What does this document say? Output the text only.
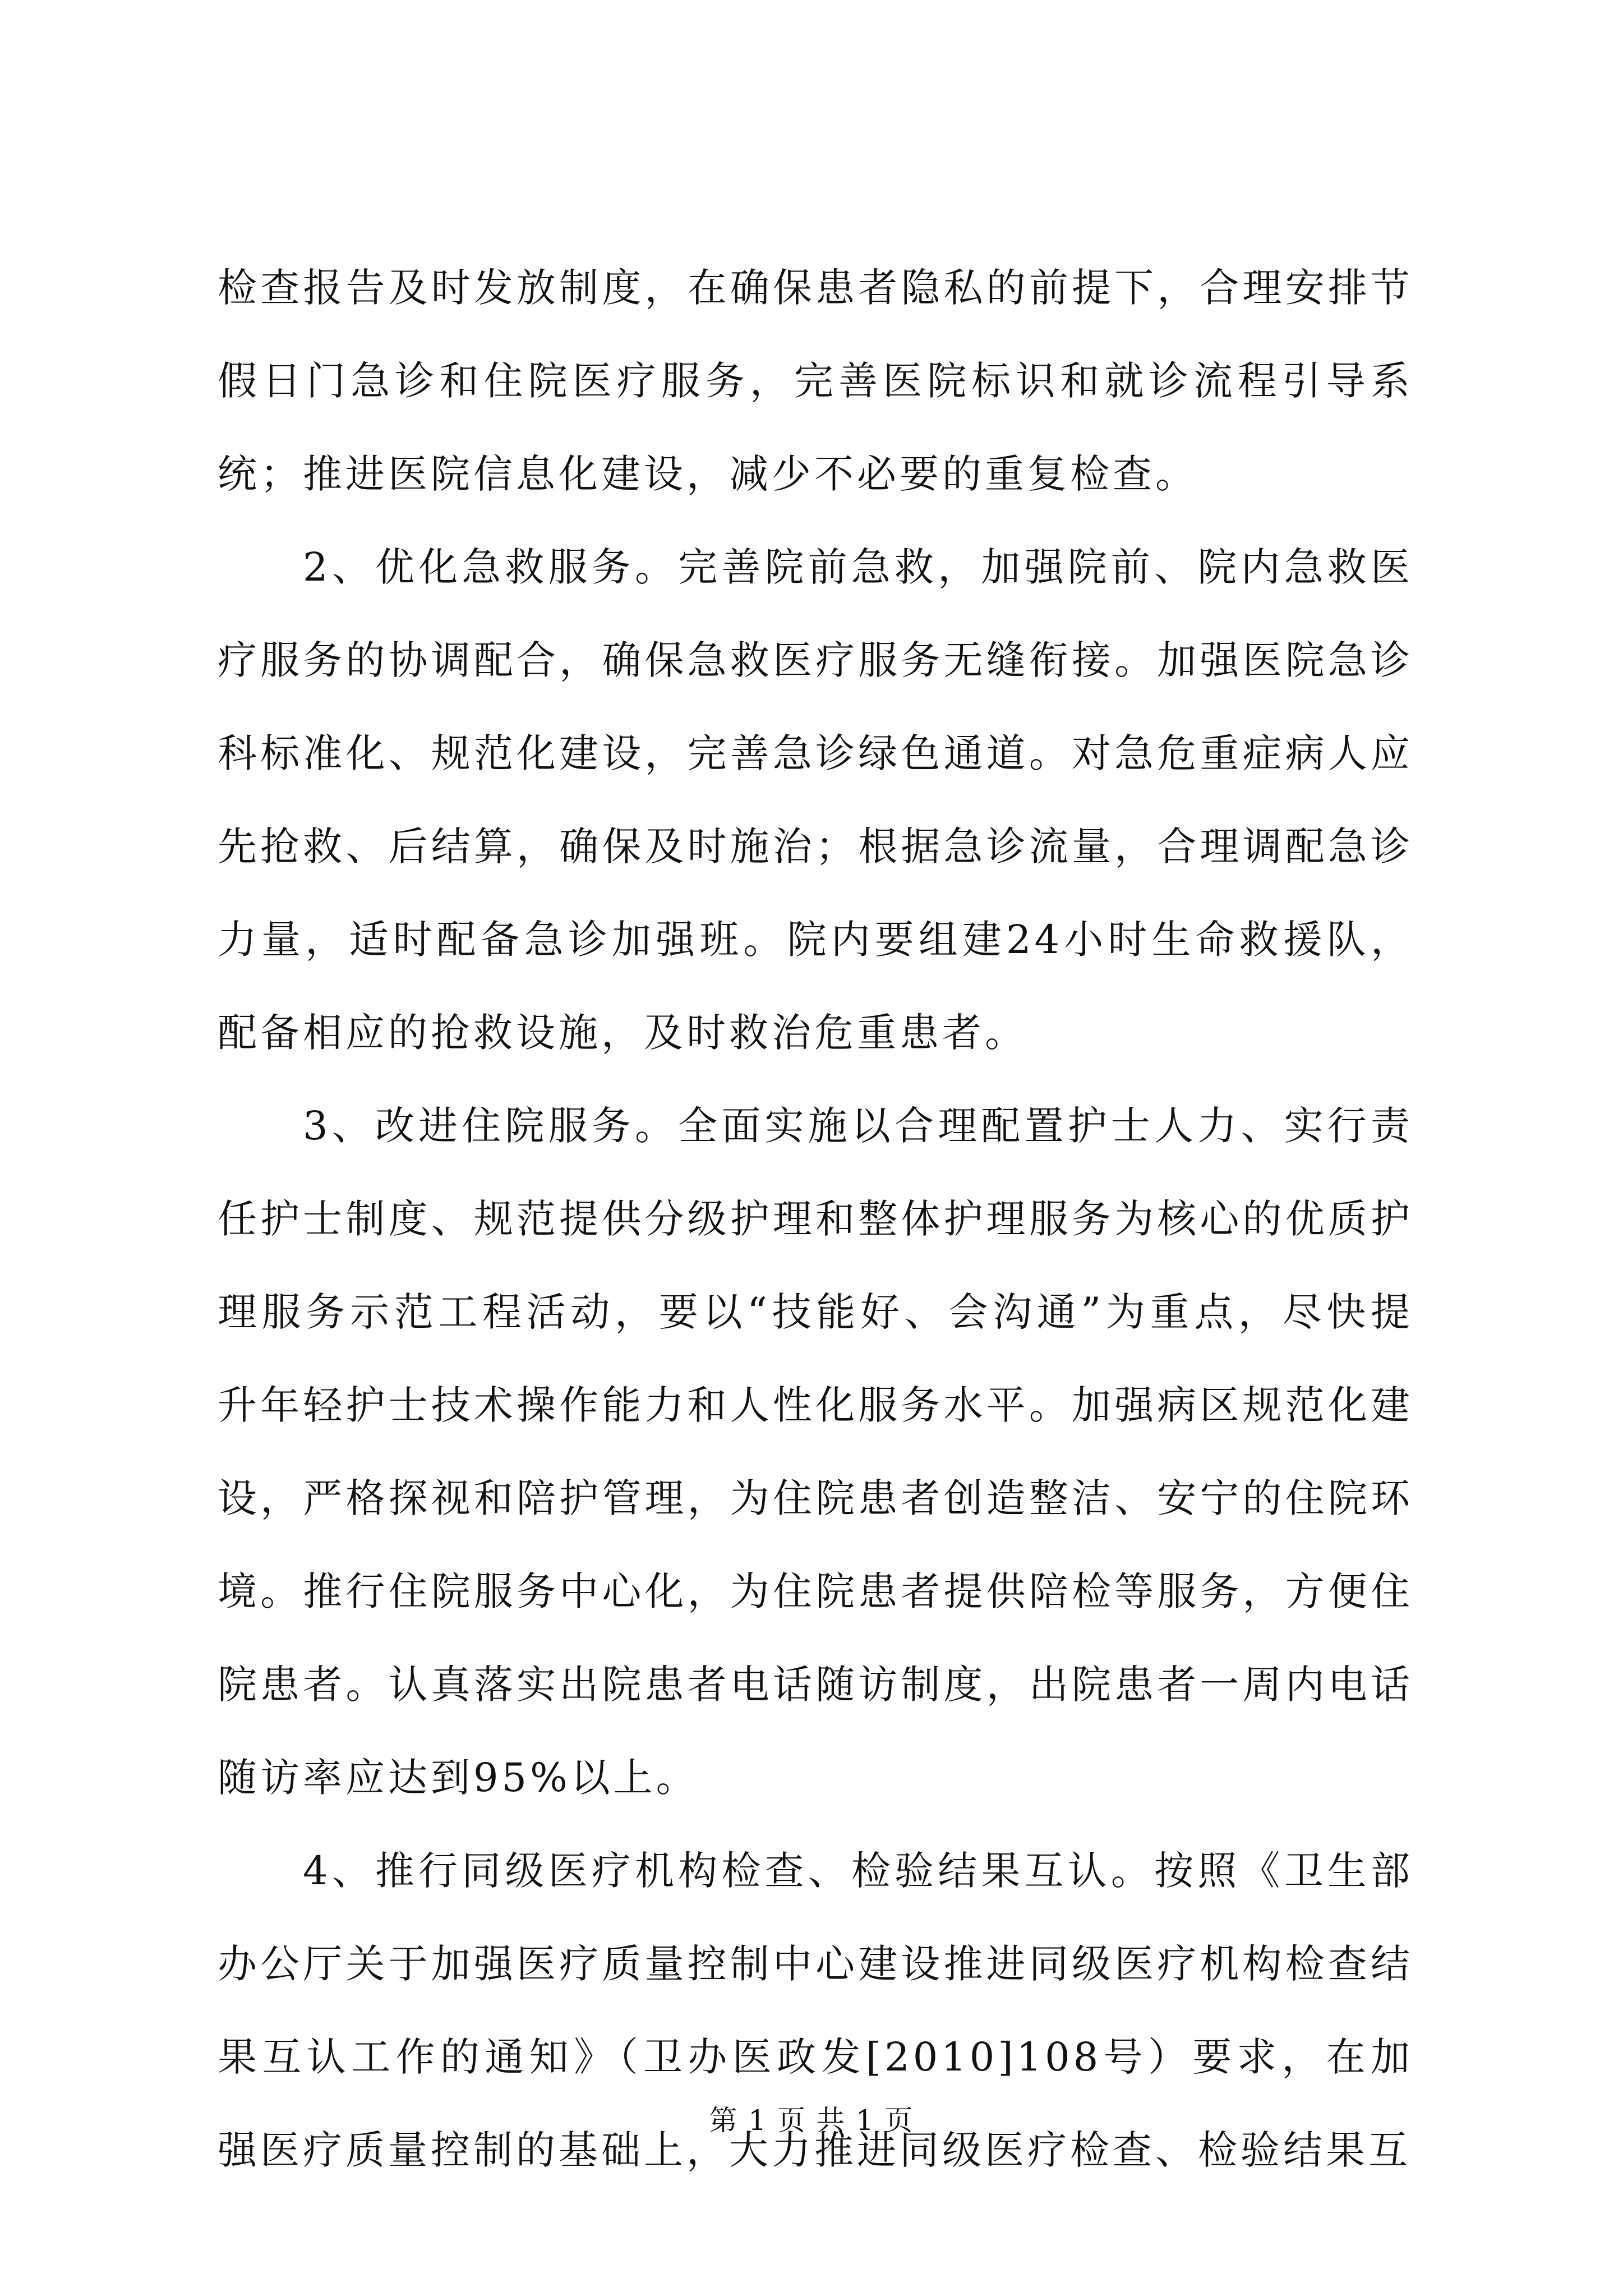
检查报告及时发放制度，在确保患者隐私的前提下，合理安排节假日门急诊和住院医疗服务，完善医院标识和就诊流程引导系统；推进医院信息化建设，减少不必要的重复检查。

2、优化急救服务。完善院前急救，加强院前、院内急救医疗服务的协调配合，确保急救医疗服务无缝衔接。加强医院急诊科标准化、规范化建设，完善急诊绿色通道。对急危重症病人应先抢救、后结算，确保及时施治；根据急诊流量，合理调配急诊力量，适时配备急诊加强班。院内要组建24小时生命救援队，配备相应的抢救设施，及时救治危重患者。

3、改进住院服务。全面实施以合理配置护士人力、实行责任护士制度、规范提供分级护理和整体护理服务为核心的优质护理服务示范工程活动，要以“技能好、会沟通”为重点，尽快提升年轻护士技术操作能力和人性化服务水平。加强病区规范化建设，严格探视和陪护管理，为住院患者创造整洁、安宁的住院环境。推行住院服务中心化，为住院患者提供陪检等服务，方便住院患者。认真落实出院患者电话随访制度，出院患者一周内电话随访率应达到95%以上。

4、推行同级医疗机构检查、检验结果互认。按照《卫生部办公厅关于加强医疗质量控制中心建设推进同级医疗机构检查结果互认工作的通知》（卫办医政发[2010]108号）要求，在加强医疗质量控制的基础上，大力推进同级医疗检查、检验结果互

第 1 页 共 1 页
